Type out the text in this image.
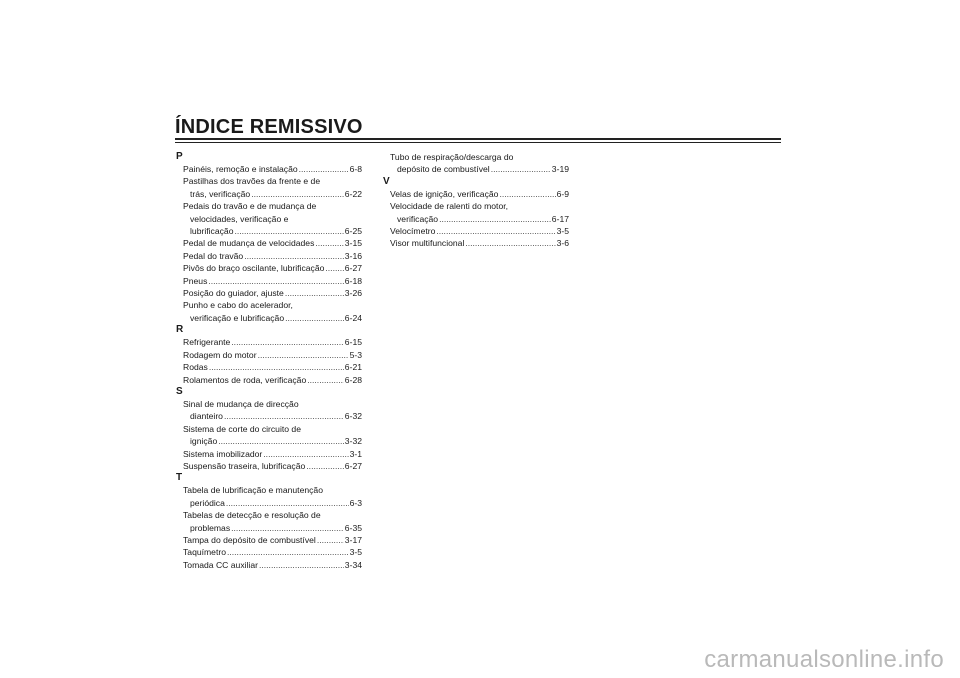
ÍNDICE REMISSIVO
P
Painéis, remoção e instalação .....	6-8
Pastilhas dos travões da frente e de
trás, verificação .....	6-22
Pedais do travão e de mudança de
velocidades, verificação e
lubrificação .....	6-25
Pedal de mudança de velocidades .....	3-15
Pedal do travão .....	3-16
Pivôs do braço oscilante, lubrificação ..... 6-27
Pneus .....	6-18
Posição do guiador, ajuste .....	3-26
Punho e cabo do acelerador,
verificação e lubrificação .....	6-24
R
Refrigerante .....	6-15
Rodagem do motor .....	5-3
Rodas .....	6-21
Rolamentos de roda, verificação .....	6-28
S
Sinal de mudança de direcção
dianteiro .....	6-32
Sistema de corte do circuito de
ignição .....	3-32
Sistema imobilizador .....	3-1
Suspensão traseira, lubrificação .....	6-27
T
Tabela de lubrificação e manutenção
periódica .....	6-3
Tabelas de detecção e resolução de
problemas .....	6-35
Tampa do depósito de combustível .....	3-17
Taquímetro .....	3-5
Tomada CC auxiliar .....	3-34
Tubo de respiração/descarga do
depósito de combustível .....	3-19
V
Velas de ignição, verificação .....	6-9
Velocidade de ralenti do motor,
verificação .....	6-17
Velocímetro .....	3-5
Visor multifuncional .....	3-6
carmanualsonline.info
